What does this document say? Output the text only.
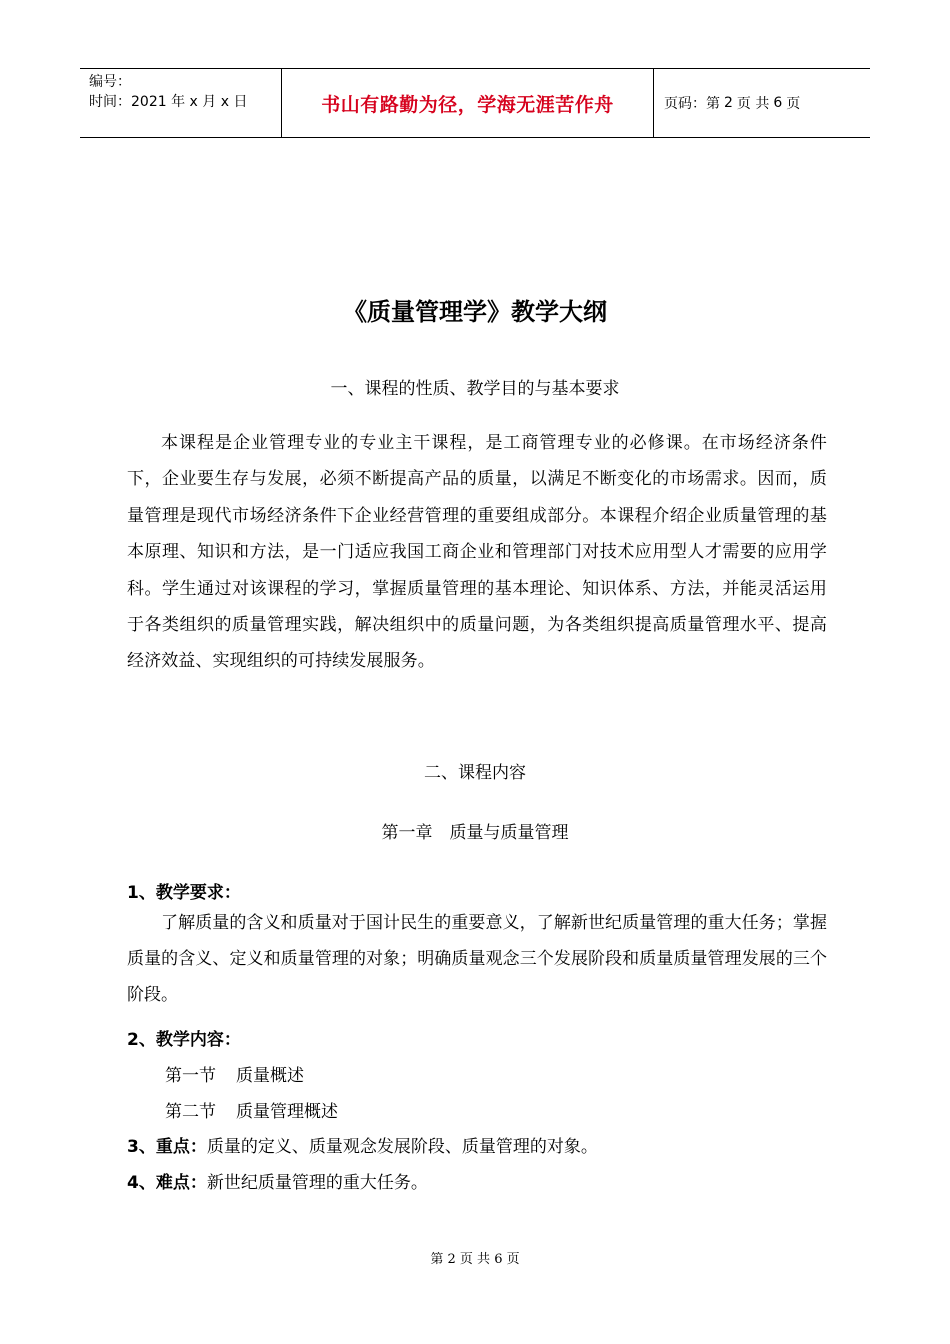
编号：
时间：2021 年 x 月 x 日	书山有路勤为径，学海无涯苦作舟	页码：第 2 页 共 6 页
《质量管理学》教学大纲
一、课程的性质、教学目的与基本要求
本课程是企业管理专业的专业主干课程，是工商管理专业的必修课。在市场经济条件下，企业要生存与发展，必须不断提高产品的质量，以满足不断变化的市场需求。因而，质量管理是现代市场经济条件下企业经营管理的重要组成部分。本课程介绍企业质量管理的基本原理、知识和方法，是一门适应我国工商企业和管理部门对技术应用型人才需要的应用学科。学生通过对该课程的学习，掌握质量管理的基本理论、知识体系、方法，并能灵活运用于各类组织的质量管理实践，解决组织中的质量问题，为各类组织提高质量管理水平、提高经济效益、实现组织的可持续发展服务。
二、课程内容
第一章　质量与质量管理
1、教学要求：
了解质量的含义和质量对于国计民生的重要意义，了解新世纪质量管理的重大任务；掌握质量的含义、定义和质量管理的对象；明确质量观念三个发展阶段和质量质量管理发展的三个阶段。
2、教学内容：
第一节 质量概述
第二节 质量管理概述
3、重点：质量的定义、质量观念发展阶段、质量管理的对象。
4、难点：新世纪质量管理的重大任务。
第 2 页 共 6 页
